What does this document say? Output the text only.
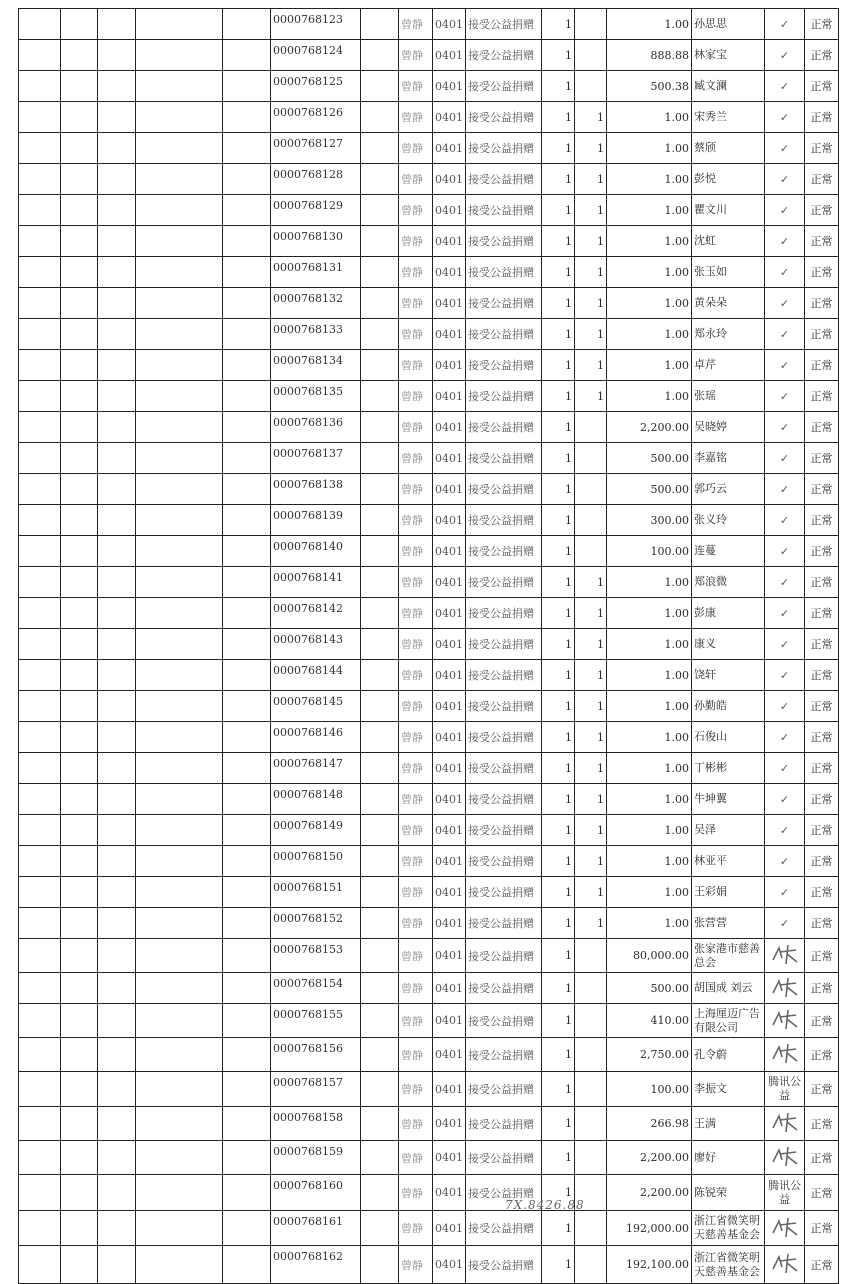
					0000768123		曾静	0401	接受公益捐赠	1		1.00	孙思思	✓	正常
					0000768124		曾静	0401	接受公益捐赠	1		888.88	林家宝	✓	正常
					0000768125		曾静	0401	接受公益捐赠	1		500.38	臧文澜	✓	正常
					0000768126		曾静	0401	接受公益捐赠	1	1	1.00	宋秀兰	✓	正常
					0000768127		曾静	0401	接受公益捐赠	1	1	1.00	蔡颀	✓	正常
					0000768128		曾静	0401	接受公益捐赠	1	1	1.00	彭悦	✓	正常
					0000768129		曾静	0401	接受公益捐赠	1	1	1.00	瞿文川	✓	正常
					0000768130		曾静	0401	接受公益捐赠	1	1	1.00	沈虹	✓	正常
					0000768131		曾静	0401	接受公益捐赠	1	1	1.00	张玉如	✓	正常
					0000768132		曾静	0401	接受公益捐赠	1	1	1.00	黄朵朵	✓	正常
					0000768133		曾静	0401	接受公益捐赠	1	1	1.00	郑永玲	✓	正常
					0000768134		曾静	0401	接受公益捐赠	1	1	1.00	卓芹	✓	正常
					0000768135		曾静	0401	接受公益捐赠	1	1	1.00	张瑶	✓	正常
					0000768136		曾静	0401	接受公益捐赠	1		2,200.00	吴晓婷	✓	正常
					0000768137		曾静	0401	接受公益捐赠	1		500.00	李嘉铭	✓	正常
					0000768138		曾静	0401	接受公益捐赠	1		500.00	郭巧云	✓	正常
					0000768139		曾静	0401	接受公益捐赠	1		300.00	张义玲	✓	正常
					0000768140		曾静	0401	接受公益捐赠	1		100.00	连蔓	✓	正常
					0000768141		曾静	0401	接受公益捐赠	1	1	1.00	郑浪微	✓	正常
					0000768142		曾静	0401	接受公益捐赠	1	1	1.00	彭康	✓	正常
					0000768143		曾静	0401	接受公益捐赠	1	1	1.00	康义	✓	正常
					0000768144		曾静	0401	接受公益捐赠	1	1	1.00	饶轩	✓	正常
					0000768145		曾静	0401	接受公益捐赠	1	1	1.00	孙勤皓	✓	正常
					0000768146		曾静	0401	接受公益捐赠	1	1	1.00	石俊山	✓	正常
					0000768147		曾静	0401	接受公益捐赠	1	1	1.00	丁彬彬	✓	正常
					0000768148		曾静	0401	接受公益捐赠	1	1	1.00	牛坤翼	✓	正常
					0000768149		曾静	0401	接受公益捐赠	1	1	1.00	吴泽	✓	正常
					0000768150		曾静	0401	接受公益捐赠	1	1	1.00	林亚平	✓	正常
					0000768151		曾静	0401	接受公益捐赠	1	1	1.00	王彩娟	✓	正常
					0000768152		曾静	0401	接受公益捐赠	1	1	1.00	张营营	✓	正常
					0000768153		曾静	0401	接受公益捐赠	1		80,000.00	张家港市慈善总会		正常
					0000768154		曾静	0401	接受公益捐赠	1		500.00	胡国成 刘云		正常
					0000768155		曾静	0401	接受公益捐赠	1		410.00	上海厘迈广告有限公司		正常
					0000768156		曾静	0401	接受公益捐赠	1		2,750.00	孔令蔚		正常
					0000768157		曾静	0401	接受公益捐赠	1		100.00	李振文	腾讯公益	正常
					0000768158		曾静	0401	接受公益捐赠	1		266.98	王满		正常
					0000768159		曾静	0401	接受公益捐赠	1		2,200.00	廖好		正常
					0000768160		曾静	0401	接受公益捐赠	1		2,200.00	陈锐荣	腾讯公益	正常
					0000768161		曾静	0401	接受公益捐赠	1		192,000.00	浙江省微笑明天慈善基金会		正常
					0000768162		曾静	0401	接受公益捐赠	1		192,100.00	浙江省微笑明天慈善基金会		正常
7X.8426.88
